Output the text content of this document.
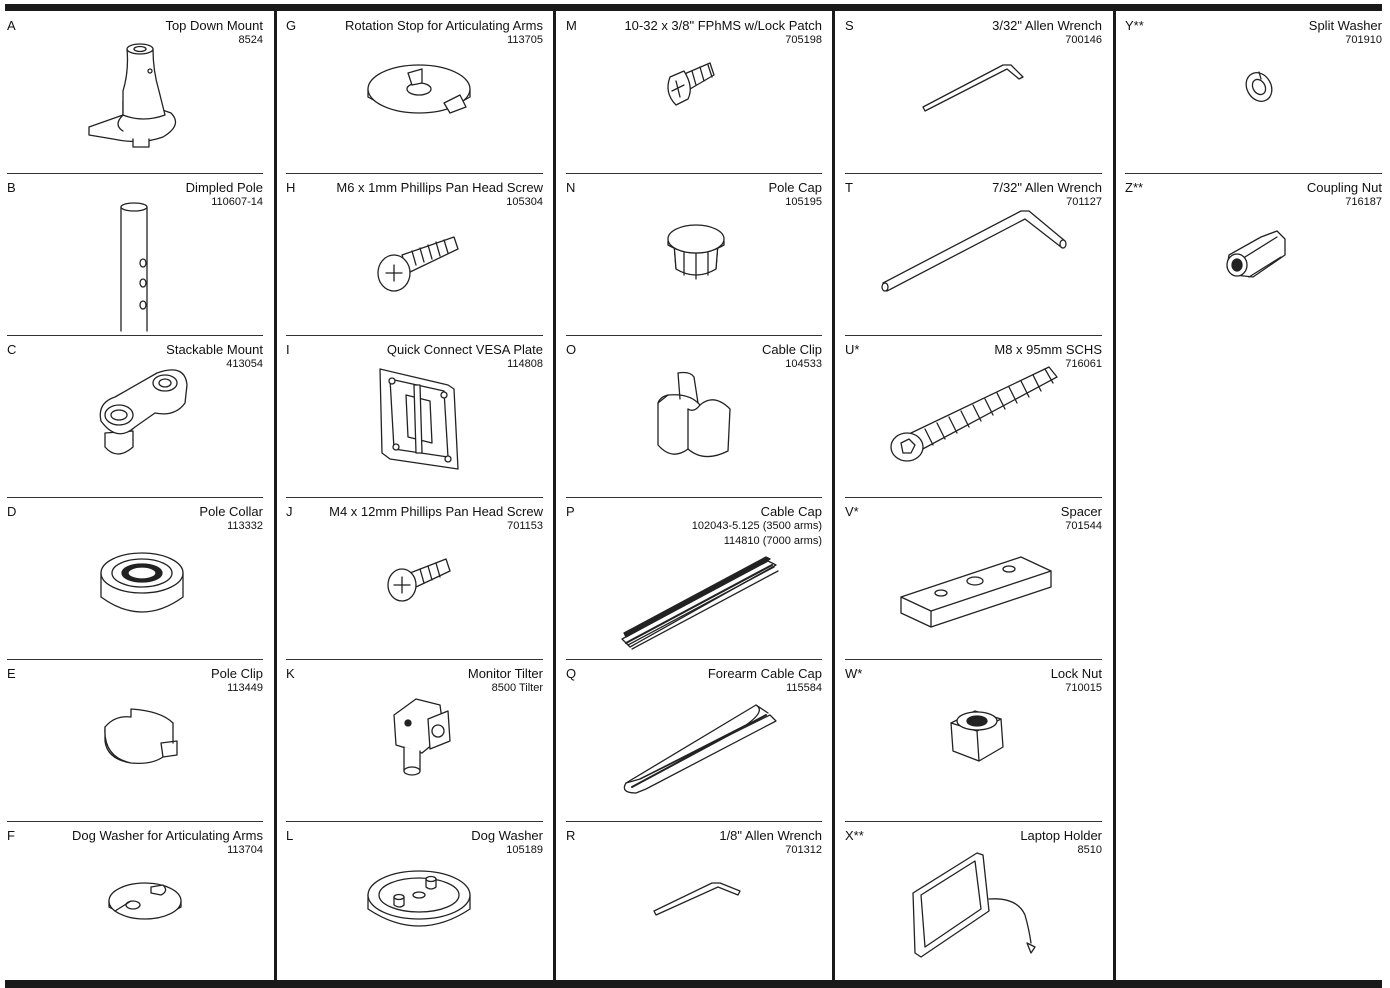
A	Top Down Mount
8524
B	Dimpled Pole
110607-14
C	Stackable Mount
413054
D	Pole Collar
113332
E	Pole Clip
113449
F	Dog Washer for Articulating Arms
113704
G	Rotation Stop for Articulating Arms
113705
H	M6 x 1mm Phillips Pan Head Screw
105304
I	Quick Connect VESA Plate
114808
J	M4 x 12mm Phillips Pan Head Screw
701153
K	Monitor Tilter
8500 Tilter
L	Dog Washer
105189
M	10-32 x 3/8" FPhMS w/Lock Patch
705198
N	Pole Cap
105195
O	Cable Clip
104533
P	Cable Cap
102043-5.125 (3500 arms)
114810 (7000 arms)
Q	Forearm Cable Cap
115584
R	1/8" Allen Wrench
701312
S	3/32" Allen Wrench
700146
T	7/32" Allen Wrench
701127
U*	M8 x 95mm SCHS
716061
V*	Spacer
701544
W*	Lock Nut
710015
X**	Laptop Holder
8510
Y**	Split Washer
701910
Z**	Coupling Nut
716187
